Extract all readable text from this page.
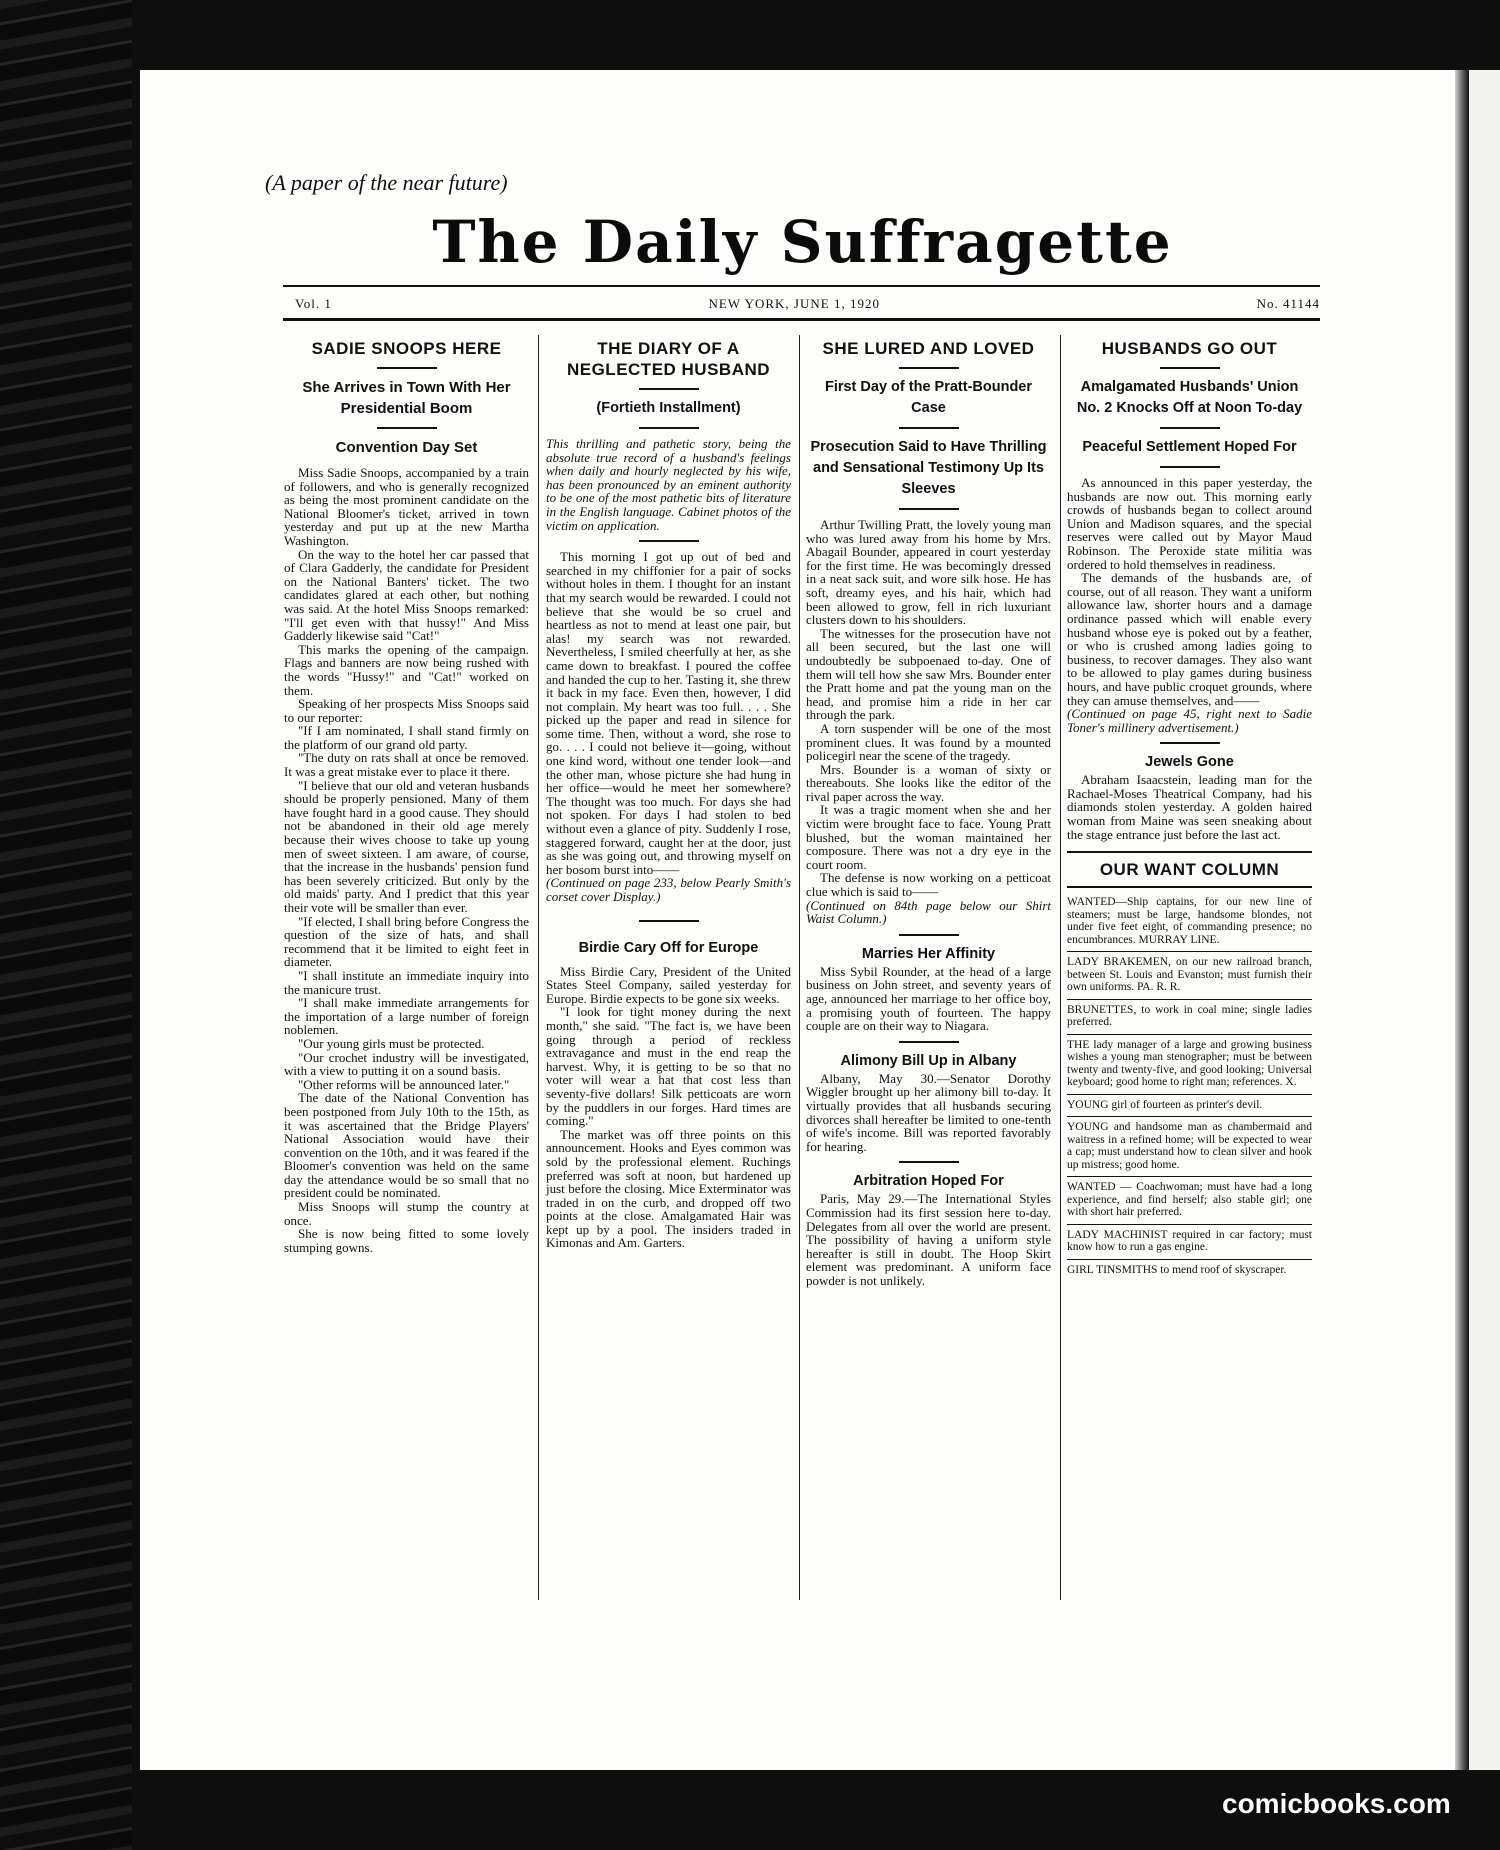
(A paper of the near future)
The Daily Suffragette
Vol. 1	NEW YORK, JUNE 1, 1920	No. 41144
SADIE SNOOPS HERE
She Arrives in Town With Her Presidential Boom
Convention Day Set

Miss Sadie Snoops, accompanied by a train of followers, and who is generally recognized as being the most prominent candidate on the National Bloomer's ticket, arrived in town yesterday and put up at the new Martha Washington.

On the way to the hotel her car passed that of Clara Gadderly, the candidate for President on the National Banters' ticket. The two candidates glared at each other, but nothing was said. At the hotel Miss Snoops remarked: "I'll get even with that hussy!" And Miss Gadderly likewise said "Cat!"

This marks the opening of the campaign. Flags and banners are now being rushed with the words "Hussy!" and "Cat!" worked on them.

Speaking of her prospects Miss Snoops said to our reporter:

"If I am nominated, I shall stand firmly on the platform of our grand old party.

"The duty on rats shall at once be removed. It was a great mistake ever to place it there.

"I believe that our old and veteran husbands should be properly pensioned. Many of them have fought hard in a good cause. They should not be abandoned in their old age merely because their wives choose to take up young men of sweet sixteen. I am aware, of course, that the increase in the husbands' pension fund has been severely criticized. But only by the old maids' party. And I predict that this year their vote will be smaller than ever.

"If elected, I shall bring before Congress the question of the size of hats, and shall recommend that it be limited to eight feet in diameter.

"I shall institute an immediate inquiry into the manicure trust.

"I shall make immediate arrangements for the importation of a large number of foreign noblemen.

"Our young girls must be protected.

"Our crochet industry will be investigated, with a view to putting it on a sound basis.

"Other reforms will be announced later."

The date of the National Convention has been postponed from July 10th to the 15th, as it was ascertained that the Bridge Players' National Association would have their convention on the 10th, and it was feared if the Bloomer's convention was held on the same day the attendance would be so small that no president could be nominated.

Miss Snoops will stump the country at once.

She is now being fitted to some lovely stumping gowns.

THE DIARY OF A NEGLECTED HUSBAND
(Fortieth Installment)

This thrilling and pathetic story, being the absolute true record of a husband's feelings when daily and hourly neglected by his wife, has been pronounced by an eminent authority to be one of the most pathetic bits of literature in the English language. Cabinet photos of the victim on application.

This morning I got up out of bed and searched in my chiffonier for a pair of socks without holes in them. I thought for an instant that my search would be rewarded. I could not believe that she would be so cruel and heartless as not to mend at least one pair, but alas! my search was not rewarded. Nevertheless, I smiled cheerfully at her, as she came down to breakfast. I poured the coffee and handed the cup to her. Tasting it, she threw it back in my face. Even then, however, I did not complain. My heart was too full. . . . She picked up the paper and read in silence for some time. Then, without a word, she rose to go. . . . I could not believe it—going, without one kind word, without one tender look—and the other man, whose picture she had hung in her office—would he meet her somewhere? The thought was too much. For days she had not spoken. For days I had stolen to bed without even a glance of pity. Suddenly I rose, staggered forward, caught her at the door, just as she was going out, and throwing myself on her bosom burst into——

(Continued on page 233, below Pearly Smith's corset cover Display.)

Birdie Cary Off for Europe

Miss Birdie Cary, President of the United States Steel Company, sailed yesterday for Europe. Birdie expects to be gone six weeks.

"I look for tight money during the next month," she said. "The fact is, we have been going through a period of reckless extravagance and must in the end reap the harvest. Why, it is getting to be so that no voter will wear a hat that cost less than seventy-five dollars! Silk petticoats are worn by the puddlers in our forges. Hard times are coming."

The market was off three points on this announcement. Hooks and Eyes common was sold by the professional element. Ruchings preferred was soft at noon, but hardened up just before the closing. Mice Exterminator was traded in on the curb, and dropped off two points at the close. Amalgamated Hair was kept up by a pool. The insiders traded in Kimonas and Am. Garters.

SHE LURED AND LOVED
First Day of the Pratt-Bounder Case
Prosecution Said to Have Thrilling and Sensational Testimony Up Its Sleeves

Arthur Twilling Pratt, the lovely young man who was lured away from his home by Mrs. Abagail Bounder, appeared in court yesterday for the first time. He was becomingly dressed in a neat sack suit, and wore silk hose. He has soft, dreamy eyes, and his hair, which had been allowed to grow, fell in rich luxuriant clusters down to his shoulders.

The witnesses for the prosecution have not all been secured, but the last one will undoubtedly be subpoenaed to-day. One of them will tell how she saw Mrs. Bounder enter the Pratt home and pat the young man on the head, and promise him a ride in her car through the park.

A torn suspender will be one of the most prominent clues. It was found by a mounted policegirl near the scene of the tragedy.

Mrs. Bounder is a woman of sixty or thereabouts. She looks like the editor of the rival paper across the way.

It was a tragic moment when she and her victim were brought face to face. Young Pratt blushed, but the woman maintained her composure. There was not a dry eye in the court room.

The defense is now working on a petticoat clue which is said to——

(Continued on 84th page below our Shirt Waist Column.)

Marries Her Affinity

Miss Sybil Rounder, at the head of a large business on John street, and seventy years of age, announced her marriage to her office boy, a promising youth of fourteen. The happy couple are on their way to Niagara.

Alimony Bill Up in Albany

Albany, May 30.—Senator Dorothy Wiggler brought up her alimony bill to-day. It virtually provides that all husbands securing divorces shall hereafter be limited to one-tenth of wife's income. Bill was reported favorably for hearing.

Arbitration Hoped For

Paris, May 29.—The International Styles Commission had its first session here to-day. Delegates from all over the world are present. The possibility of having a uniform style hereafter is still in doubt. The Hoop Skirt element was predominant. A uniform face powder is not unlikely.

HUSBANDS GO OUT
Amalgamated Husbands' Union No. 2 Knocks Off at Noon To-day
Peaceful Settlement Hoped For

As announced in this paper yesterday, the husbands are now out. This morning early crowds of husbands began to collect around Union and Madison squares, and the special reserves were called out by Mayor Maud Robinson. The Peroxide state militia was ordered to hold themselves in readiness.

The demands of the husbands are, of course, out of all reason. They want a uniform allowance law, shorter hours and a damage ordinance passed which will enable every husband whose eye is poked out by a feather, or who is crushed among ladies going to business, to recover damages. They also want to be allowed to play games during business hours, and have public croquet grounds, where they can amuse themselves, and——

(Continued on page 45, right next to Sadie Toner's millinery advertisement.)

Jewels Gone

Abraham Isaacstein, leading man for the Rachael-Moses Theatrical Company, had his diamonds stolen yesterday. A golden haired woman from Maine was seen sneaking about the stage entrance just before the last act.

OUR WANT COLUMN
WANTED—Ship captains, for our new line of steamers; must be large, handsome blondes, not under five feet eight, of commanding presence; no encumbrances. MURRAY LINE.
LADY BRAKEMEN, on our new railroad branch, between St. Louis and Evanston; must furnish their own uniforms. PA. R. R.
BRUNETTES, to work in coal mine; single ladies preferred.
THE lady manager of a large and growing business wishes a young man stenographer; must be between twenty and twenty-five, and good looking; Universal keyboard; good home to right man; references. X.
YOUNG girl of fourteen as printer's devil.
YOUNG and handsome man as chambermaid and waitress in a refined home; will be expected to wear a cap; must understand how to clean silver and hook up mistress; good home.
WANTED — Coachwoman; must have had a long experience, and find herself; also stable girl; one with short hair preferred.
LADY MACHINIST required in car factory; must know how to run a gas engine.
GIRL TINSMITHS to mend roof of skyscraper.
comicbooks.com
